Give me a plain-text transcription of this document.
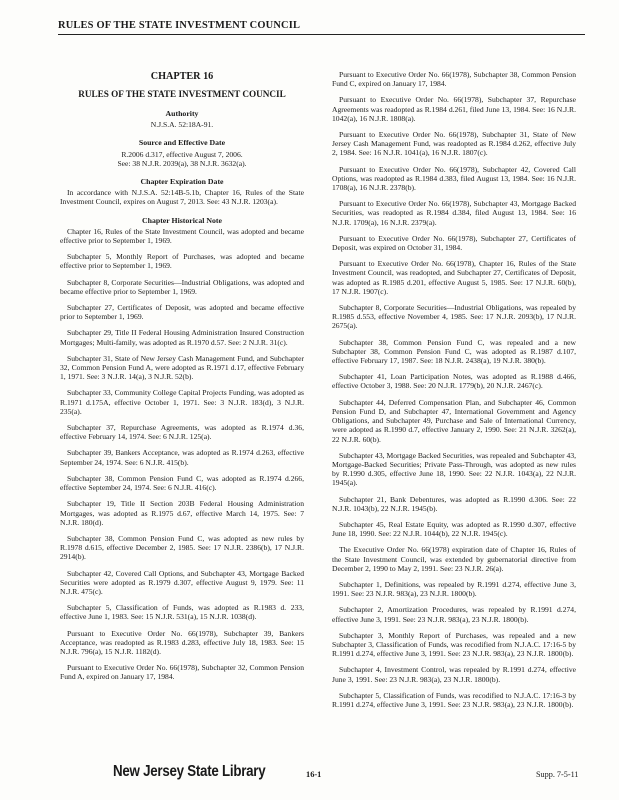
RULES OF THE STATE INVESTMENT COUNCIL
CHAPTER 16
RULES OF THE STATE INVESTMENT COUNCIL
Authority
N.J.S.A. 52:18A-91.
Source and Effective Date
R.2006 d.317, effective August 7, 2006.
See: 38 N.J.R. 2039(a), 38 N.J.R. 3632(a).
Chapter Expiration Date

In accordance with N.J.S.A. 52:14B-5.1b, Chapter 16, Rules of the State Investment Council, expires on August 7, 2013. See: 43 N.J.R. 1203(a).

Chapter Historical Note

Chapter 16, Rules of the State Investment Council, was adopted and became effective prior to September 1, 1969.

Subchapter 5, Monthly Report of Purchases, was adopted and became effective prior to September 1, 1969.

Subchapter 8, Corporate Securities—Industrial Obligations, was adopted and became effective prior to September 1, 1969.

Subchapter 27, Certificates of Deposit, was adopted and became effective prior to September 1, 1969.

Subchapter 29, Title II Federal Housing Administration Insured Construction Mortgages; Multi-family, was adopted as R.1970 d.57. See: 2 N.J.R. 31(c).

Subchapter 31, State of New Jersey Cash Management Fund, and Subchapter 32, Common Pension Fund A, were adopted as R.1971 d.17, effective February 1, 1971. See: 3 N.J.R. 14(a), 3 N.J.R. 52(b).

Subchapter 33, Community College Capital Projects Funding, was adopted as R.1971 d.175A, effective October 1, 1971. See: 3 N.J.R. 183(d), 3 N.J.R. 235(a).

Subchapter 37, Repurchase Agreements, was adopted as R.1974 d.36, effective February 14, 1974. See: 6 N.J.R. 125(a).

Subchapter 39, Bankers Acceptance, was adopted as R.1974 d.263, effective September 24, 1974. See: 6 N.J.R. 415(b).

Subchapter 38, Common Pension Fund C, was adopted as R.1974 d.266, effective September 24, 1974. See: 6 N.J.R. 416(c).

Subchapter 19, Title II Section 203B Federal Housing Administration Mortgages, was adopted as R.1975 d.67, effective March 14, 1975. See: 7 N.J.R. 180(d).

Subchapter 38, Common Pension Fund C, was adopted as new rules by R.1978 d.615, effective December 2, 1985. See: 17 N.J.R. 2386(b), 17 N.J.R. 2914(b).

Subchapter 42, Covered Call Options, and Subchapter 43, Mortgage Backed Securities were adopted as R.1979 d.307, effective August 9, 1979. See: 11 N.J.R. 475(c).

Subchapter 5, Classification of Funds, was adopted as R.1983 d. 233, effective June 1, 1983. See: 15 N.J.R. 531(a), 15 N.J.R. 1038(d).

Pursuant to Executive Order No. 66(1978), Subchapter 39, Bankers Acceptance, was readopted as R.1983 d.283, effective July 18, 1983. See: 15 N.J.R. 796(a), 15 N.J.R. 1182(d).

Pursuant to Executive Order No. 66(1978), Subchapter 32, Common Pension Fund A, expired on January 17, 1984.

Pursuant to Executive Order No. 66(1978), Subchapter 38, Common Pension Fund C, expired on January 17, 1984.

Pursuant to Executive Order No. 66(1978), Subchapter 37, Repurchase Agreements was readopted as R.1984 d.261, filed June 13, 1984. See: 16 N.J.R. 1042(a), 16 N.J.R. 1808(a).

Pursuant to Executive Order No. 66(1978), Subchapter 31, State of New Jersey Cash Management Fund, was readopted as R.1984 d.262, effective July 2, 1984. See: 16 N.J.R. 1041(a), 16 N.J.R. 1807(c).

Pursuant to Executive Order No. 66(1978), Subchapter 42, Covered Call Options, was readopted as R.1984 d.383, filed August 13, 1984. See: 16 N.J.R. 1708(a), 16 N.J.R. 2378(b).

Pursuant to Executive Order No. 66(1978), Subchapter 43, Mortgage Backed Securities, was readopted as R.1984 d.384, filed August 13, 1984. See: 16 N.J.R. 1709(a), 16 N.J.R. 2379(a).

Pursuant to Executive Order No. 66(1978), Subchapter 27, Certificates of Deposit, was expired on October 31, 1984.

Pursuant to Executive Order No. 66(1978), Chapter 16, Rules of the State Investment Council, was readopted, and Subchapter 27, Certificates of Deposit, was adopted as R.1985 d.201, effective August 5, 1985. See: 17 N.J.R. 60(b), 17 N.J.R. 1907(c).

Subchapter 8, Corporate Securities—Industrial Obligations, was repealed by R.1985 d.553, effective November 4, 1985. See: 17 N.J.R. 2093(b), 17 N.J.R. 2675(a).

Subchapter 38, Common Pension Fund C, was repealed and a new Subchapter 38, Common Pension Fund C, was adopted as R.1987 d.107, effective February 17, 1987. See: 18 N.J.R. 2438(a), 19 N.J.R. 380(b).

Subchapter 41, Loan Participation Notes, was adopted as R.1988 d.466, effective October 3, 1988. See: 20 N.J.R. 1779(b), 20 N.J.R. 2467(c).

Subchapter 44, Deferred Compensation Plan, and Subchapter 46, Common Pension Fund D, and Subchapter 47, International Government and Agency Obligations, and Subchapter 49, Purchase and Sale of International Currency, were adopted as R.1990 d.7, effective January 2, 1990. See: 21 N.J.R. 3262(a), 22 N.J.R. 60(b).

Subchapter 43, Mortgage Backed Securities, was repealed and Subchapter 43, Mortgage-Backed Securities; Private Pass-Through, was adopted as new rules by R.1990 d.305, effective June 18, 1990. See: 22 N.J.R. 1043(a), 22 N.J.R. 1945(a).

Subchapter 21, Bank Debentures, was adopted as R.1990 d.306. See: 22 N.J.R. 1043(b), 22 N.J.R. 1945(b).

Subchapter 45, Real Estate Equity, was adopted as R.1990 d.307, effective June 18, 1990. See: 22 N.J.R. 1044(b), 22 N.J.R. 1945(c).

The Executive Order No. 66(1978) expiration date of Chapter 16, Rules of the State Investment Council, was extended by gubernatorial directive from December 2, 1990 to May 2, 1991. See: 23 N.J.R. 26(a).

Subchapter 1, Definitions, was repealed by R.1991 d.274, effective June 3, 1991. See: 23 N.J.R. 983(a), 23 N.J.R. 1800(b).

Subchapter 2, Amortization Procedures, was repealed by R.1991 d.274, effective June 3, 1991. See: 23 N.J.R. 983(a), 23 N.J.R. 1800(b).

Subchapter 3, Monthly Report of Purchases, was repealed and a new Subchapter 3, Classification of Funds, was recodified from N.J.A.C. 17:16-5 by R.1991 d.274, effective June 3, 1991. See: 23 N.J.R. 983(a), 23 N.J.R. 1800(b).

Subchapter 4, Investment Control, was repealed by R.1991 d.274, effective June 3, 1991. See: 23 N.J.R. 983(a), 23 N.J.R. 1800(b).

Subchapter 5, Classification of Funds, was recodified to N.J.A.C. 17:16-3 by R.1991 d.274, effective June 3, 1991. See: 23 N.J.R. 983(a), 23 N.J.R. 1800(b).

New Jersey State Library	16-1	Supp. 7-5-11
